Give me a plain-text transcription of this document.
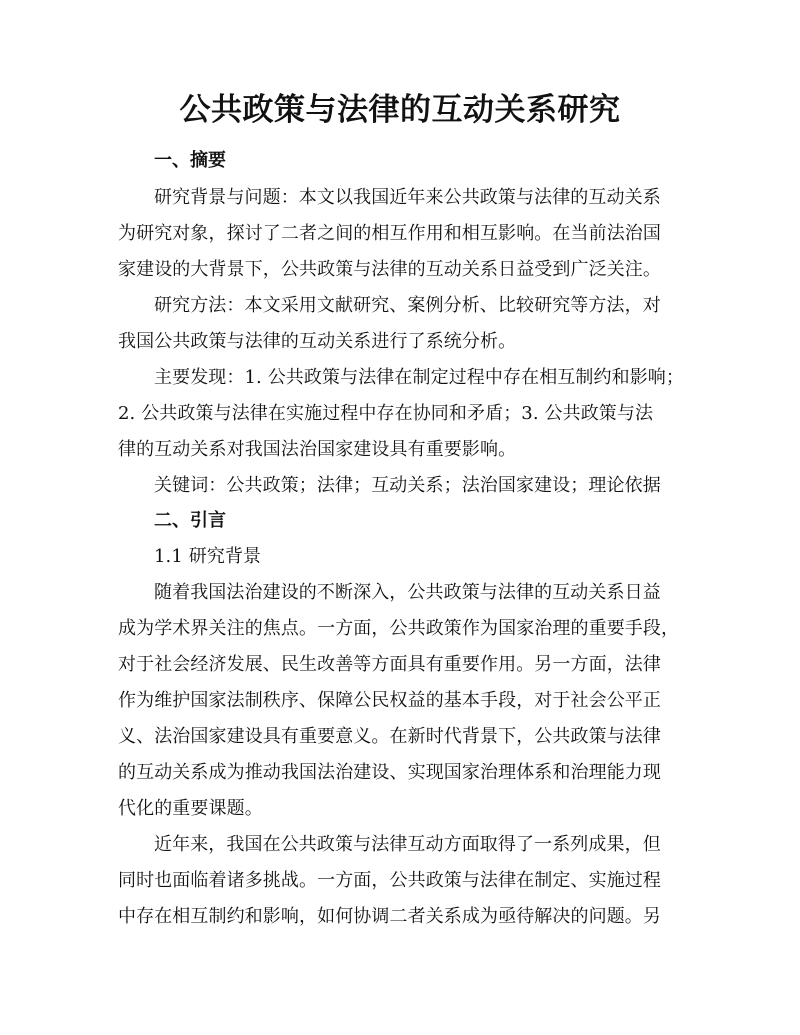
公共政策与法律的互动关系研究
一、摘要
研究背景与问题：本文以我国近年来公共政策与法律的互动关系
为研究对象，探讨了二者之间的相互作用和相互影响。在当前法治国
家建设的大背景下，公共政策与法律的互动关系日益受到广泛关注。
研究方法：本文采用文献研究、案例分析、比较研究等方法，对
我国公共政策与法律的互动关系进行了系统分析。
主要发现：1. 公共政策与法律在制定过程中存在相互制约和影响；
2. 公共政策与法律在实施过程中存在协同和矛盾；3. 公共政策与法
律的互动关系对我国法治国家建设具有重要影响。
关键词：公共政策；法律；互动关系；法治国家建设；理论依据
二、引言
1.1 研究背景
随着我国法治建设的不断深入，公共政策与法律的互动关系日益
成为学术界关注的焦点。一方面，公共政策作为国家治理的重要手段，
对于社会经济发展、民生改善等方面具有重要作用。另一方面，法律
作为维护国家法制秩序、保障公民权益的基本手段，对于社会公平正
义、法治国家建设具有重要意义。在新时代背景下，公共政策与法律
的互动关系成为推动我国法治建设、实现国家治理体系和治理能力现
代化的重要课题。
近年来，我国在公共政策与法律互动方面取得了一系列成果，但
同时也面临着诸多挑战。一方面，公共政策与法律在制定、实施过程
中存在相互制约和影响，如何协调二者关系成为亟待解决的问题。另
